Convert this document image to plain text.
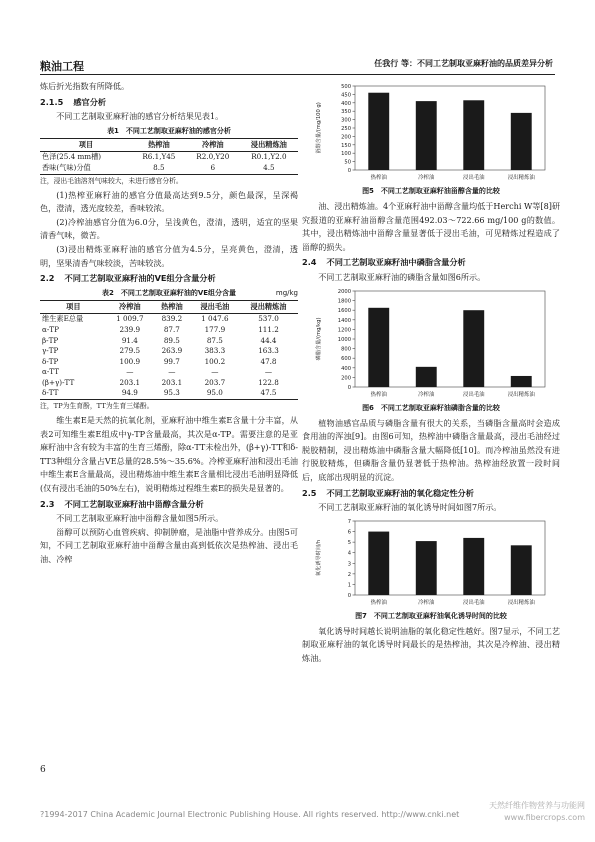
粮油工程	任我行 等：不同工艺制取亚麻籽油的品质差异分析

炼后折光指数有所降低。

2.1.5 感官分析

不同工艺制取亚麻籽油的感官分析结果见表1。

表1　不同工艺制取亚麻籽油的感官分析
项目	热榨油	冷榨油	浸出精炼油
色泽(25.4 mm槽)	R6.1,Y45	R2.0,Y20	R0.1,Y2.0
香味(气味)分值	8.5	6	4.5
注，浸出毛油溶剂气味较大，未进行感官分析。

(1)热榨亚麻籽油的感官分值最高达到9.5分，颜色最深，呈深褐色，澄清，透光度较差，香味较浓。

(2)冷榨油感官分值为6.0分，呈浅黄色，澄清，透明，适宜的坚果清香气味，微苦。

(3)浸出精炼亚麻籽油的感官分值为4.5分，呈亮黄色，澄清，透明，坚果清香气味较淡，苦味较淡。

2.2 不同工艺制取亚麻籽油的VE组分含量分析
表2　不同工艺制取亚麻籽油的VE组分含量	mg/kg
项目	冷榨油	热榨油	浸出毛油	浸出精炼油
维生素E总量	1 009.7	839.2	1 047.6	537.0
α-TP	239.9	87.7	177.9	111.2
β-TP	91.4	89.5	87.5	44.4
γ-TP	279.5	263.9	383.3	163.3
δ-TP	100.9	99.7	100.2	47.8
α-TT	—	—	—	—
(β+γ)-TT	203.1	203.1	203.7	122.8
δ-TT	94.9	95.3	95.0	47.5
注，TP为生育酚，TT为生育三烯酚。

维生素E是天然的抗氧化剂，亚麻籽油中维生素E含量十分丰富，从表2可知维生素E组成中γ-TP含量最高，其次是α-TP。需要注意的是亚麻籽油中含有较为丰富的生育三烯酚，除α-TT未检出外，(β+γ)-TT和δ-TT3种组分含量占VE总量的28.5%～35.6%。冷榨亚麻籽油和浸出毛油中维生素E含量最高，浸出精炼油中维生素E含量相比浸出毛油明显降低(仅有浸出毛油的50%左右)，说明精炼过程维生素E的损失是显著的。

2.3 不同工艺制取亚麻籽油中甾醇含量分析

不同工艺制取亚麻籽油中甾醇含量如图5所示。

甾醇可以预防心血管疾病、抑制肿瘤，是油脂中营养成分。由图5可知，不同工艺制取亚麻籽油中甾醇含量由高到低依次是热榨油、浸出毛油、冷榨

0
50
100
150
200
250
300
350
400
450
500
甾醇含量/(mg/100 g)
热榨油	冷榨油	浸出毛油	浸出精炼油
图5　不同工艺制取亚麻籽油甾醇含量的比较

油、浸出精炼油。4个亚麻籽油中甾醇含量均低于Herchi W等[8]研究报道的亚麻籽油甾醇含量范围492.03～722.66 mg/100 g的数值。其中，浸出精炼油中甾醇含量显著低于浸出毛油，可见精炼过程造成了甾醇的损失。

2.4 不同工艺制取亚麻籽油中磷脂含量分析

不同工艺制取亚麻籽油的磷脂含量如图6所示。

0
200
400
600
800
1000
1200
1400
1600
1800
2000
磷脂含量/(mg/kg)
热榨油	冷榨油	浸出毛油	浸出精炼油
图6　不同工艺制取亚麻籽油磷脂含量的比较

植物油感官品质与磷脂含量有很大的关系，当磷脂含量高时会造成食用油的浑浊[9]。由图6可知，热榨油中磷脂含量最高，浸出毛油经过脱胶精制，浸出精炼油中磷脂含量大幅降低[10]。而冷榨油虽然没有进行脱胶精炼，但磷脂含量仍显著低于热榨油。热榨油经放置一段时间后，底部出现明显的沉淀。

2.5 不同工艺制取亚麻籽油的氧化稳定性分析

不同工艺制取亚麻籽油的氧化诱导时间如图7所示。

0
1
2
3
4
5
6
7
氧化诱导时间/h
热榨油	冷榨油	浸出毛油	浸出精炼油
图7　不同工艺制取亚麻籽油氧化诱导时间的比较

氧化诱导时间越长说明油脂的氧化稳定性越好。图7显示，不同工艺制取亚麻籽油的氧化诱导时间最长的是热榨油，其次是冷榨油、浸出精炼油。

6
?1994-2017 China Academic Journal Electronic Publishing House. All rights reserved. http://www.cnki.net
天然纤维作物营养与功能网
www.fibercrops.com
